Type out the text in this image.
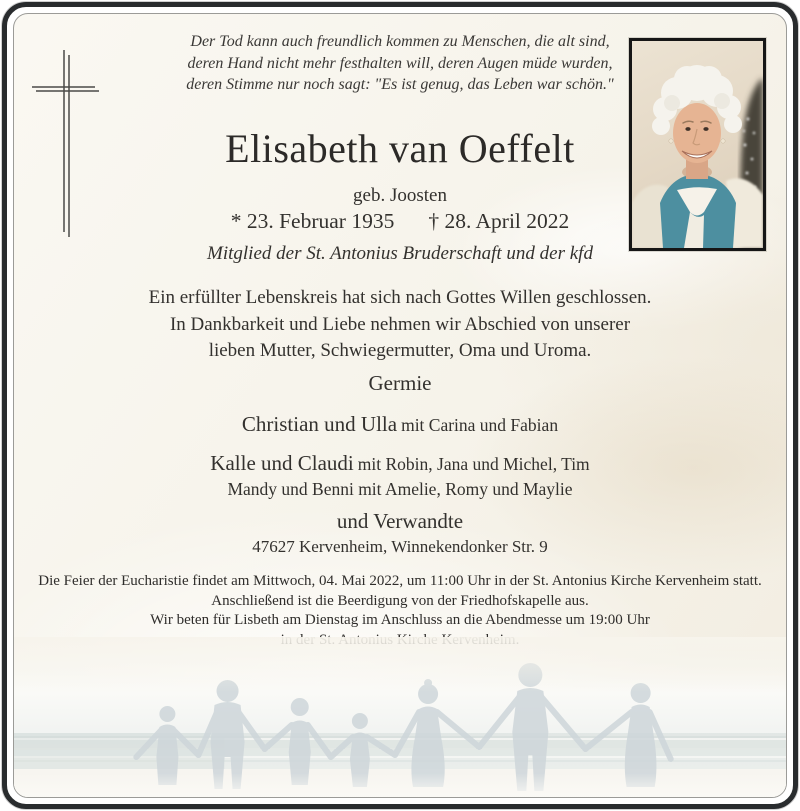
Der Tod kann auch freundlich kommen zu Menschen, die alt sind,
deren Hand nicht mehr festhalten will, deren Augen müde wurden,
deren Stimme nur noch sagt: "Es ist genug, das Leben war schön."
Elisabeth van Oeffelt
geb. Joosten
* 23. Februar 1935 † 28. April 2022
Mitglied der St. Antonius Bruderschaft und der kfd
Ein erfüllter Lebenskreis hat sich nach Gottes Willen geschlossen.
In Dankbarkeit und Liebe nehmen wir Abschied von unserer
lieben Mutter, Schwiegermutter, Oma und Uroma.
Germie
Christian und Ulla mit Carina und Fabian
Kalle und Claudi mit Robin, Jana und Michel, Tim
Mandy und Benni mit Amelie, Romy und Maylie
und Verwandte
47627 Kervenheim, Winnekendonker Str. 9
Die Feier der Eucharistie findet am Mittwoch, 04. Mai 2022, um 11:00 Uhr in der St. Antonius Kirche Kervenheim statt.
Anschließend ist die Beerdigung von der Friedhofskapelle aus.
Wir beten für Lisbeth am Dienstag im Anschluss an die Abendmesse um 19:00 Uhr
